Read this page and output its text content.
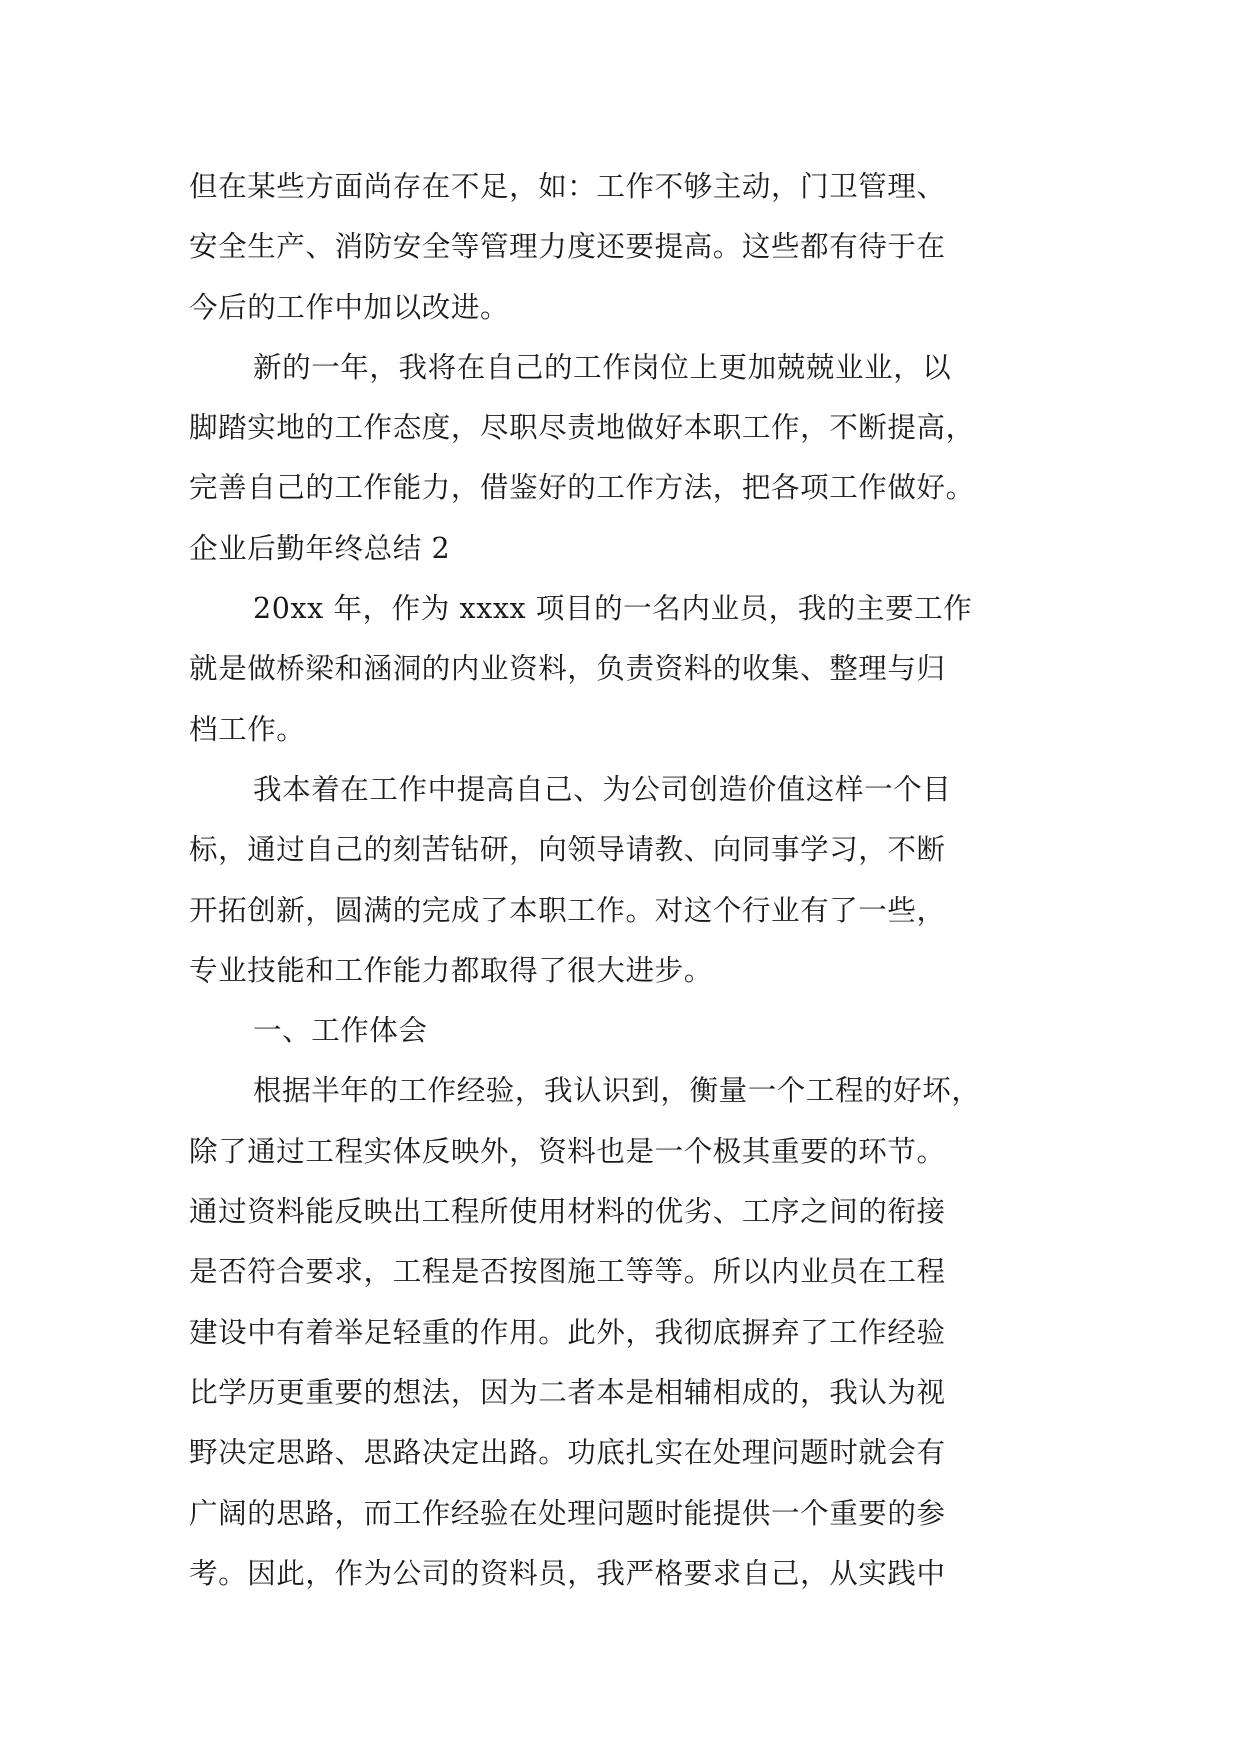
但在某些方面尚存在不足，如：工作不够主动，门卫管理、
安全生产、消防安全等管理力度还要提高。这些都有待于在
今后的工作中加以改进。
新的一年，我将在自己的工作岗位上更加兢兢业业，以
脚踏实地的工作态度，尽职尽责地做好本职工作，不断提高，
完善自己的工作能力，借鉴好的工作方法，把各项工作做好。
企业后勤年终总结 2
20xx 年，作为 xxxx 项目的一名内业员，我的主要工作
就是做桥梁和涵洞的内业资料，负责资料的收集、整理与归
档工作。
我本着在工作中提高自己、为公司创造价值这样一个目
标，通过自己的刻苦钻研，向领导请教、向同事学习，不断
开拓创新，圆满的完成了本职工作。对这个行业有了一些，
专业技能和工作能力都取得了很大进步。
一、工作体会
根据半年的工作经验，我认识到，衡量一个工程的好坏，
除了通过工程实体反映外，资料也是一个极其重要的环节。
通过资料能反映出工程所使用材料的优劣、工序之间的衔接
是否符合要求，工程是否按图施工等等。所以内业员在工程
建设中有着举足轻重的作用。此外，我彻底摒弃了工作经验
比学历更重要的想法，因为二者本是相辅相成的，我认为视
野决定思路、思路决定出路。功底扎实在处理问题时就会有
广阔的思路，而工作经验在处理问题时能提供一个重要的参
考。因此，作为公司的资料员，我严格要求自己，从实践中
